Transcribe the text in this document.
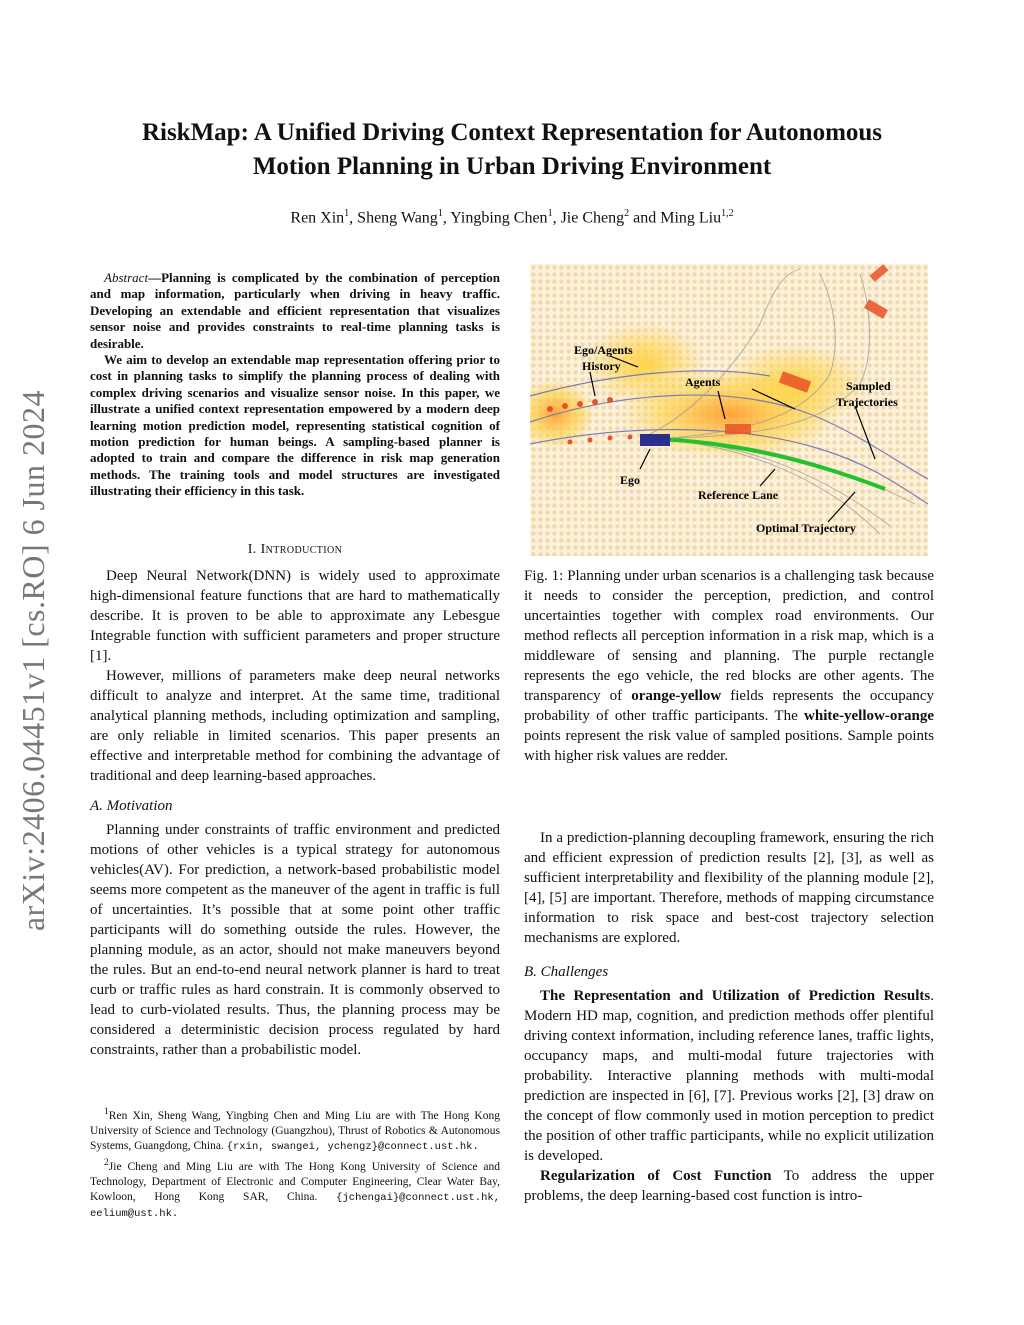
arXiv:2406.04451v1 [cs.RO] 6 Jun 2024
RiskMap: A Unified Driving Context Representation for Autonomous
Motion Planning in Urban Driving Environment
Ren Xin$^1$, Sheng Wang$^1$, Yingbing Chen$^1$, Jie Cheng$^2$ and Ming Liu$^{1,2}$

Abstract—Planning is complicated by the combination of perception and map information, particularly when driving in heavy traffic. Developing an extendable and efficient representation that visualizes sensor noise and provides constraints to real-time planning tasks is desirable.

We aim to develop an extendable map representation offering prior to cost in planning tasks to simplify the planning process of dealing with complex driving scenarios and visualize sensor noise. In this paper, we illustrate a unified context representation empowered by a modern deep learning motion prediction model, representing statistical cognition of motion prediction for human beings. A sampling-based planner is adopted to train and compare the difference in risk map generation methods. The training tools and model structures are investigated illustrating their efficiency in this task.

I. Introduction

Deep Neural Network(DNN) is widely used to approximate high-dimensional feature functions that are hard to mathematically describe. It is proven to be able to approximate any Lebesgue Integrable function with sufficient parameters and proper structure [1].

However, millions of parameters make deep neural networks difficult to analyze and interpret. At the same time, traditional analytical planning methods, including optimization and sampling, are only reliable in limited scenarios. This paper presents an effective and interpretable method for combining the advantage of traditional and deep learning-based approaches.

A. Motivation

Planning under constraints of traffic environment and predicted motions of other vehicles is a typical strategy for autonomous vehicles(AV). For prediction, a network-based probabilistic model seems more competent as the maneuver of the agent in traffic is full of uncertainties. It’s possible that at some point other traffic participants will do something outside the rules. However, the planning module, as an actor, should not make maneuvers beyond the rules. But an end-to-end neural network planner is hard to treat curb or traffic rules as hard constrain. It is commonly observed to lead to curb-violated results. Thus, the planning process may be considered a deterministic decision process regulated by hard constraints, rather than a probabilistic model.

$^1$Ren Xin, Sheng Wang, Yingbing Chen and Ming Liu are with The Hong Kong University of Science and Technology (Guangzhou), Thrust of Robotics & Autonomous Systems, Guangdong, China. {rxin, swangei, ychengz}@connect.ust.hk.

$^2$Jie Cheng and Ming Liu are with The Hong Kong University of Science and Technology, Department of Electronic and Computer Engineering, Clear Water Bay, Kowloon, Hong Kong SAR, China. {jchengai}@connect.ust.hk, eelium@ust.hk.

Ego/Agents
History
Agents	Sampled
Trajectories
Ego
Reference Lane
Optimal Trajectory

Fig. 1: Planning under urban scenarios is a challenging task because it needs to consider the perception, prediction, and control uncertainties together with complex road environments. Our method reflects all perception information in a risk map, which is a middleware of sensing and planning. The purple rectangle represents the ego vehicle, the red blocks are other agents. The transparency of orange-yellow fields represents the occupancy probability of other traffic participants. The white-yellow-orange points represent the risk value of sampled positions. Sample points with higher risk values are redder.

In a prediction-planning decoupling framework, ensuring the rich and efficient expression of prediction results [2], [3], as well as sufficient interpretability and flexibility of the planning module [2], [4], [5] are important. Therefore, methods of mapping circumstance information to risk space and best-cost trajectory selection mechanisms are explored.

B. Challenges

The Representation and Utilization of Prediction Results. Modern HD map, cognition, and prediction methods offer plentiful driving context information, including reference lanes, traffic lights, occupancy maps, and multi-modal future trajectories with probability. Interactive planning methods with multi-modal prediction are inspected in [6], [7]. Previous works [2], [3] draw on the concept of flow commonly used in motion perception to predict the position of other traffic participants, while no explicit utilization is developed.

Regularization of Cost Function To address the upper problems, the deep learning-based cost function is intro-
